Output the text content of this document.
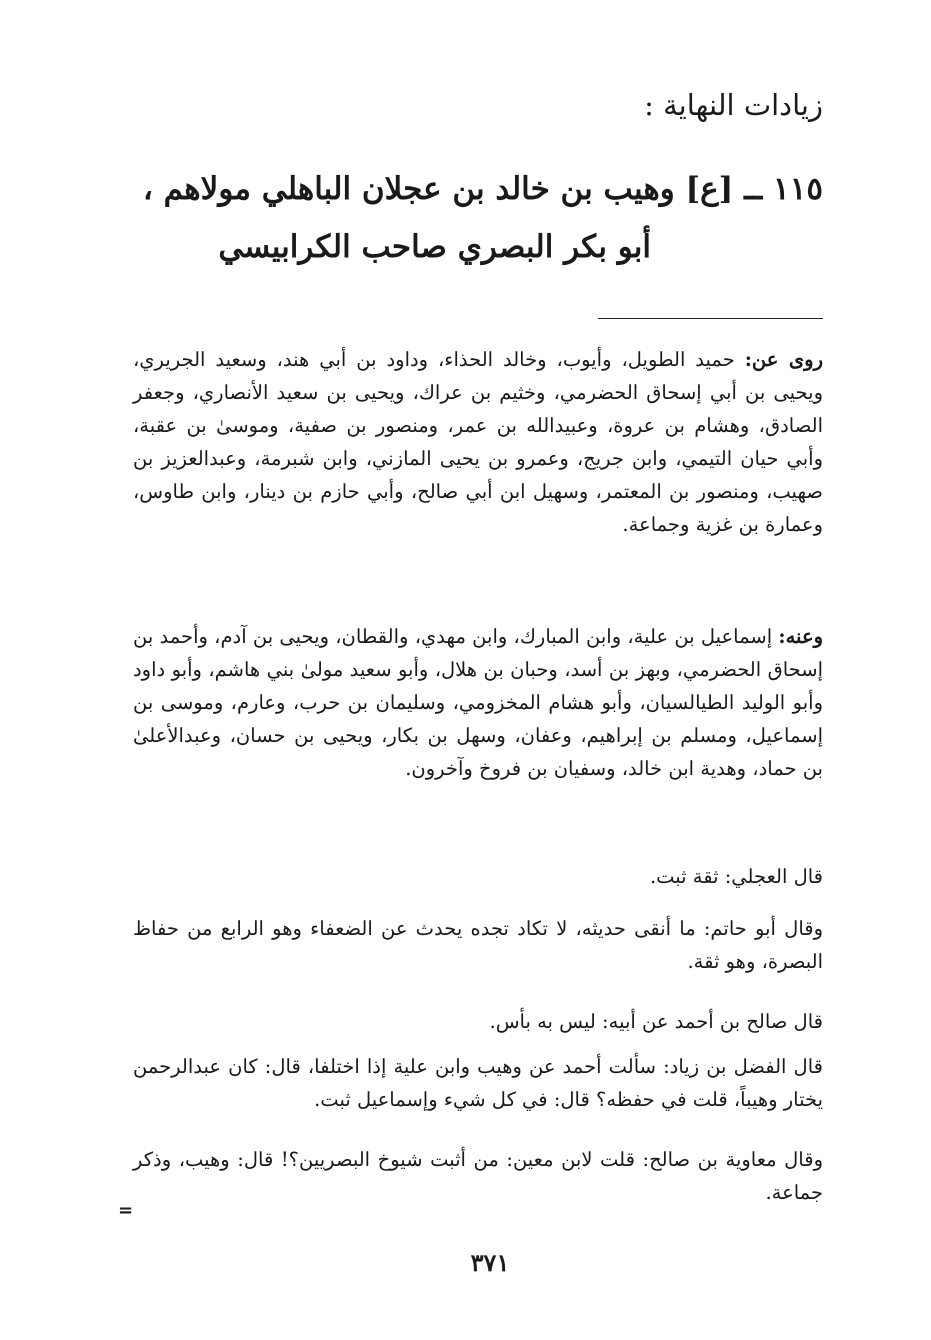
زيادات النهاية :
١١٥ ــ [ع] وهيب بن خالد بن عجلان الباهلي مولاهم ،
أبو بكر البصري صاحب الكرابيسي

روى عن: حميد الطويل، وأيوب، وخالد الحذاء، وداود بن أبي هند، وسعيد الجريري، ويحيى بن أبي إسحاق الحضرمي، وخثيم بن عراك، ويحيى بن سعيد الأنصاري، وجعفر الصادق، وهشام بن عروة، وعبيدالله بن عمر، ومنصور بن صفية، وموسىٰ بن عقبة، وأبي حيان التيمي، وابن جريج، وعمرو بن يحيى المازني، وابن شبرمة، وعبدالعزيز بن صهيب، ومنصور بن المعتمر، وسهيل ابن أبي صالح، وأبي حازم بن دينار، وابن طاوس، وعمارة بن غزية وجماعة.

وعنه: إسماعيل بن علية، وابن المبارك، وابن مهدي، والقطان، ويحيى بن آدم، وأحمد بن إسحاق الحضرمي، وبهز بن أسد، وحبان بن هلال، وأبو سعيد مولىٰ بني هاشم، وأبو داود وأبو الوليد الطيالسيان، وأبو هشام المخزومي، وسليمان بن حرب، وعارم، وموسى بن إسماعيل، ومسلم بن إبراهيم، وعفان، وسهل بن بكار، ويحيى بن حسان، وعبدالأعلىٰ بن حماد، وهدية ابن خالد، وسفيان بن فروخ وآخرون.

قال العجلي: ثقة ثبت.

وقال أبو حاتم: ما أنقى حديثه، لا تكاد تجده يحدث عن الضعفاء وهو الرابع من حفاظ البصرة، وهو ثقة.

قال صالح بن أحمد عن أبيه: ليس به بأس.

قال الفضل بن زياد: سألت أحمد عن وهيب وابن علية إذا اختلفا، قال: كان عبدالرحمن يختار وهيباً، قلت في حفظه؟ قال: في كل شيء وإسماعيل ثبت.

وقال معاوية بن صالح: قلت لابن معين: من أثبت شيوخ البصريين؟! قال: وهيب، وذكر جماعة.

=
٣٧١
